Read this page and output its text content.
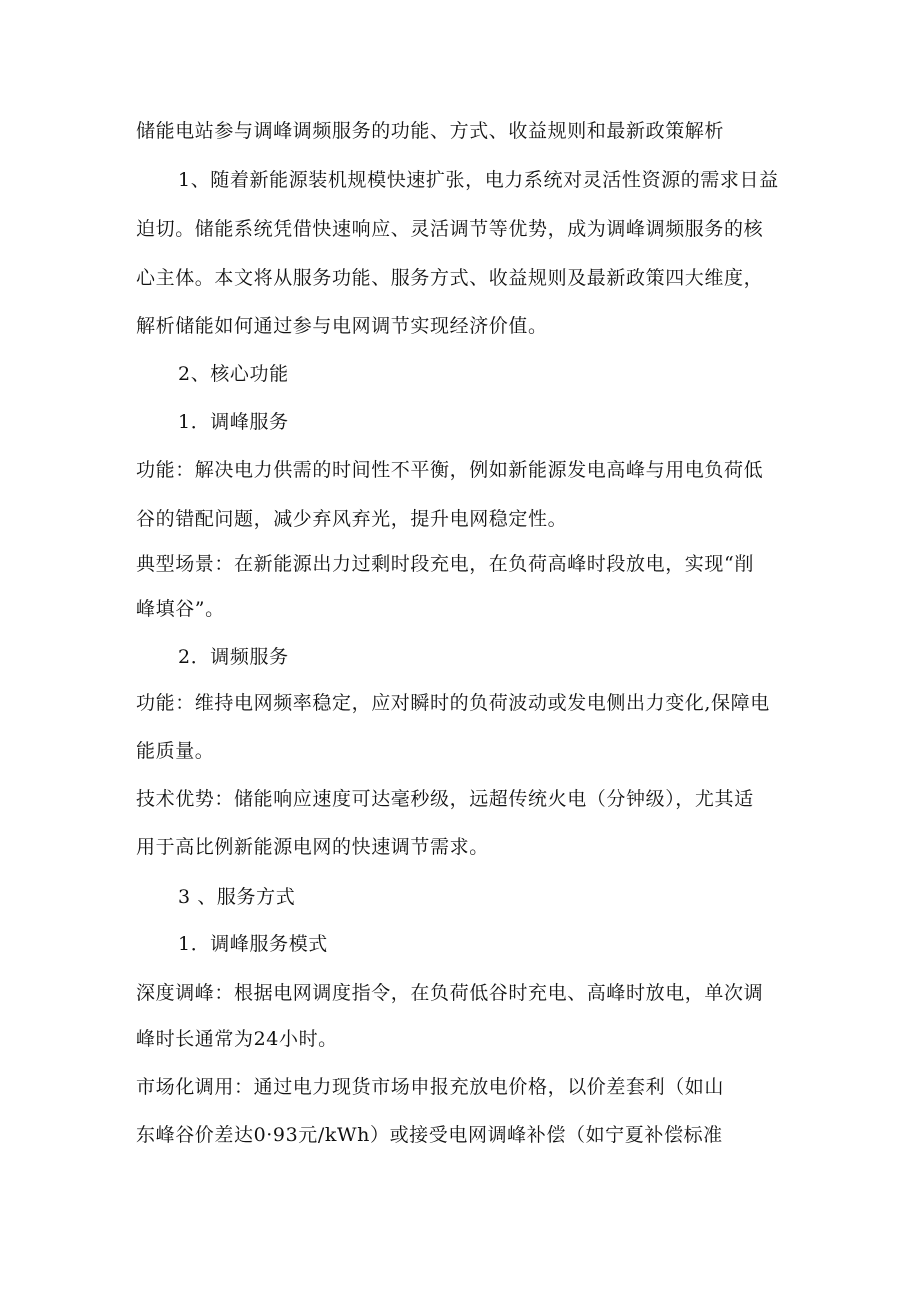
储能电站参与调峰调频服务的功能、方式、收益规则和最新政策解析
1、随着新能源装机规模快速扩张，电力系统对灵活性资源的需求日益
迫切。储能系统凭借快速响应、灵活调节等优势，成为调峰调频服务的核
心主体。本文将从服务功能、服务方式、收益规则及最新政策四大维度，
解析储能如何通过参与电网调节实现经济价值。
2、核心功能
1．调峰服务
功能：解决电力供需的时间性不平衡，例如新能源发电高峰与用电负荷低
谷的错配问题，减少弃风弃光，提升电网稳定性。
典型场景：在新能源出力过剩时段充电，在负荷高峰时段放电，实现“削
峰填谷”。
2．调频服务
功能：维持电网频率稳定，应对瞬时的负荷波动或发电侧出力变化,保障电
能质量。
技术优势：储能响应速度可达毫秒级，远超传统火电（分钟级），尤其适
用于高比例新能源电网的快速调节需求。
3 、服务方式
1．调峰服务模式
深度调峰：根据电网调度指令，在负荷低谷时充电、高峰时放电，单次调
峰时长通常为24小时。
市场化调用：通过电力现货市场申报充放电价格，以价差套利（如山
东峰谷价差达0·93元/kWh）或接受电网调峰补偿（如宁夏补偿标准
